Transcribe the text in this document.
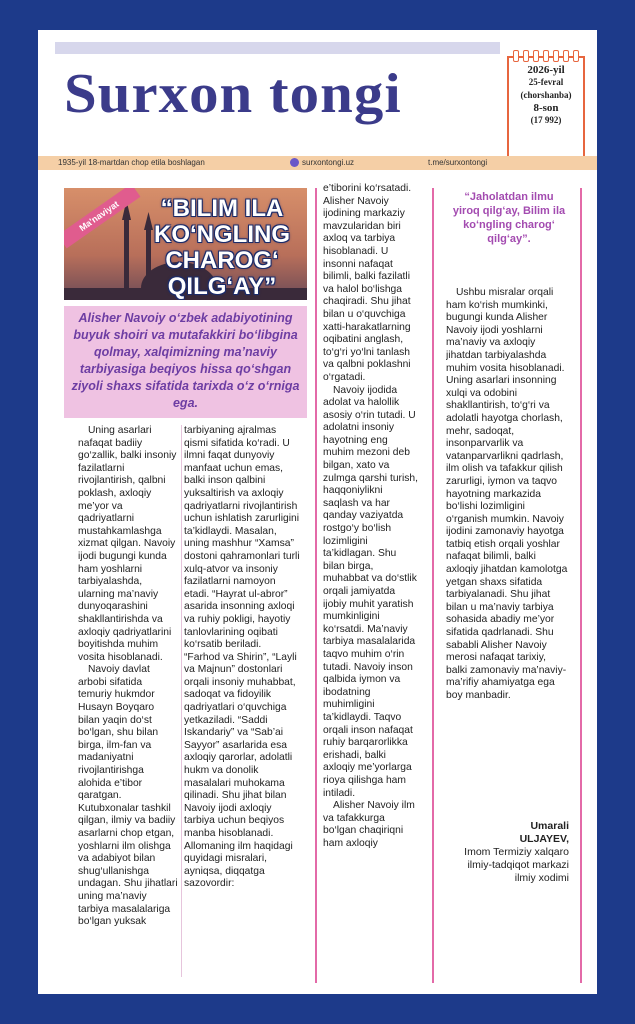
Surxon tongi	2026-yil
25-fevral
(chorshanba)
8-son
(17 992)
1935-yil 18-martdan chop etila boshlagan	surxontongi.uz	t.me/surxontongi
Ma'naviyat	“BILIM ILA KO‘NGLING CHAROG‘ QILG‘AY”
Alisher Navoiy o‘zbek adabiyotining buyuk shoiri va mutafakkiri bo‘libgina qolmay, xalqimizning ma’naviy tarbiyasiga beqiyos hissa qo‘shgan ziyoli shaxs sifatida tarixda o‘z o‘rniga ega.

Uning asarlari nafaqat badiiy go‘zallik, balki insoniy fazilatlarni rivojlantirish, qalbni poklash, axloqiy me’yor va qadriyatlarni mustahkamlashga xizmat qilgan. Navoiy ijodi bugungi kunda ham yoshlarni tarbiyalashda, ularning ma’naviy dunyoqarashini shakllantirishda va axloqiy qadriyatlarini boyitishda muhim vosita hisoblanadi.

Navoiy davlat arbobi sifatida temuriy hukmdor Husayn Boyqaro bilan yaqin do‘st bo‘lgan, shu bilan birga, ilm-fan va madaniyatni rivojlantirishga alohida e’tibor qaratgan. Kutubxonalar tashkil qilgan, ilmiy va badiiy asarlarni chop etgan, yoshlarni ilm olishga va adabiyot bilan shug‘ullanishga undagan. Shu jihatlari uning ma’naviy tarbiya masalalariga bo‘lgan yuksak

tarbiyaning ajralmas qismi sifatida ko‘radi. U ilmni faqat dunyoviy manfaat uchun emas, balki inson qalbini yuksaltirish va axloqiy qadriyatlarni rivojlantirish uchun ishlatish zarurligini ta’kidlaydi. Masalan, uning mashhur “Xamsa” dostoni qahramonlari turli xulq-atvor va insoniy fazilatlarni namoyon etadi. “Hayrat ul-abror” asarida insonning axloqi va ruhiy pokligi, hayotiy tanlovlarining oqibati ko‘rsatib beriladi. “Farhod va Shirin”, “Layli va Majnun” dostonlari orqali insoniy muhabbat, sadoqat va fidoyilik qadriyatlari o‘quvchiga yetkaziladi. “Saddi Iskandariy” va “Sab’ai Sayyor” asarlarida esa axloqiy qarorlar, adolatli hukm va donolik masalalari muhokama qilinadi. Shu jihat bilan Navoiy ijodi axloqiy tarbiya uchun beqiyos manba hisoblanadi. Allomaning ilm haqidagi quyidagi misralari, ayniqsa, diqqatga sazovordir:

e’tiborini ko‘rsatadi. Alisher Navoiy ijodining markaziy mavzularidan biri axloq va tarbiya hisoblanadi. U insonni nafaqat bilimli, balki fazilatli va halol bo‘lishga chaqiradi. Shu jihat bilan u o‘quvchiga xatti-harakatlarning oqibatini anglash, to‘g‘ri yo‘lni tanlash va qalbni poklashni o‘rgatadi.

Navoiy ijodida adolat va halollik asosiy o‘rin tutadi. U adolatni insoniy hayotning eng muhim mezoni deb bilgan, xato va zulmga qarshi turish, haqqoniylikni saqlash va har qanday vaziyatda rostgo‘y bo‘lish lozimligini ta’kidlagan. Shu bilan birga, muhabbat va do‘stlik orqali jamiyatda ijobiy muhit yaratish mumkinligini ko‘rsatdi. Ma’naviy tarbiya masalalarida taqvo muhim o‘rin tutadi. Navoiy inson qalbida iymon va ibodatning muhimligini ta’kidlaydi. Taqvo orqali inson nafaqat ruhiy barqarorlikka erishadi, balki axloqiy me’yorlarga rioya qilishga ham intiladi.

Alisher Navoiy ilm va tafakkurga bo‘lgan chaqiriqni ham axloqiy

“Jaholatdan ilmu yiroq qilg‘ay, Bilim ila ko‘ngling charog‘ qilg‘ay”.

Ushbu misralar orqali ham ko‘rish mumkinki, bugungi kunda Alisher Navoiy ijodi yoshlarni ma’naviy va axloqiy jihatdan tarbiyalashda muhim vosita hisoblanadi. Uning asarlari insonning xulqi va odobini shakllantirish, to‘g‘ri va adolatli hayotga chorlash, mehr, sadoqat, insonparvarlik va vatanparvarlikni qadrlash, ilm olish va tafakkur qilish zarurligi, iymon va taqvo hayotning markazida bo‘lishi lozimligini o‘rganish mumkin. Navoiy ijodini zamonaviy hayotga tatbiq etish orqali yoshlar nafaqat bilimli, balki axloqiy jihatdan kamolotga yetgan shaxs sifatida tarbiyalanadi. Shu jihat bilan u ma’naviy tarbiya sohasida abadiy me’yor sifatida qadrlanadi. Shu sababli Alisher Navoiy merosi nafaqat tarixiy, balki zamonaviy ma’naviy-ma’rifiy ahamiyatga ega boy manbadir.

Umarali
ULJAYEV,
Imom Termiziy xalqaro ilmiy-tadqiqot markazi ilmiy xodimi
